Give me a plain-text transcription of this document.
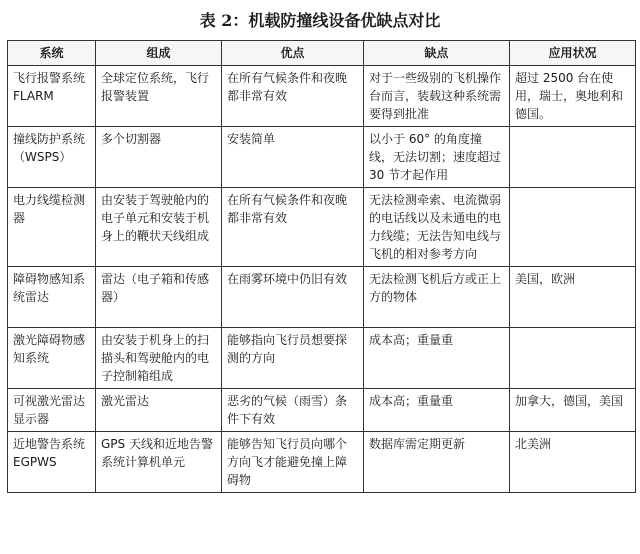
表 2：机载防撞线设备优缺点对比
系统	组成	优点	缺点	应用状况
飞行报警系统 FLARM	全球定位系统，飞行报警装置	在所有气候条件和夜晚都非常有效	对于一些级别的飞机操作台而言，装载这种系统需要得到批准	超过 2500 台在使用，瑞士，奥地利和德国。
撞线防护系统（WSPS）	多个切割器	安装简单	以小于 60° 的角度撞线，无法切割；速度超过 30 节才起作用	
电力线缆检测器	由安装于驾驶舱内的电子单元和安装于机身上的鞭状天线组成	在所有气候条件和夜晚都非常有效	无法检测牵索、电流微弱的电话线以及未通电的电力线缆；无法告知电线与飞机的相对参考方向	
障碍物感知系统雷达	雷达（电子箱和传感器）	在雨雾环境中仍旧有效	无法检测飞机后方或正上方的物体	美国，欧洲
激光障碍物感知系统	由安装于机身上的扫描头和驾驶舱内的电子控制箱组成	能够指向飞行员想要探测的方向	成本高；重量重	
可视激光雷达显示器	激光雷达	恶劣的气候（雨雪）条件下有效	成本高；重量重	加拿大，德国，美国
近地警告系统 EGPWS	GPS 天线和近地告警系统计算机单元	能够告知飞行员向哪个方向飞才能避免撞上障碍物	数据库需定期更新	北美洲
